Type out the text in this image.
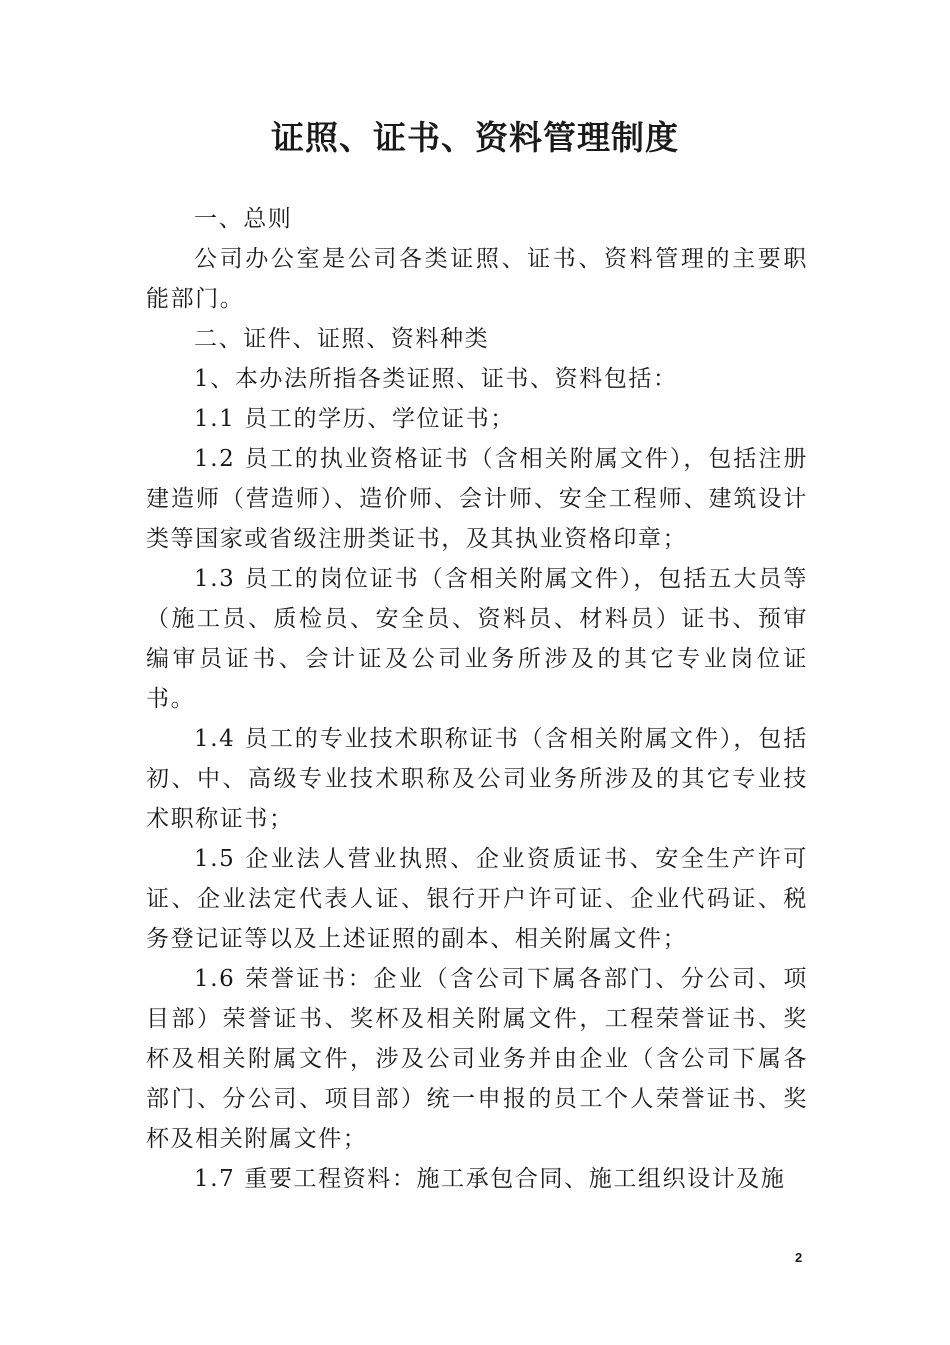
证照、证书、资料管理制度

一、总则

公司办公室是公司各类证照、证书、资料管理的主要职能部门。

二、证件、证照、资料种类

1、本办法所指各类证照、证书、资料包括：

1.1 员工的学历、学位证书；

1.2 员工的执业资格证书（含相关附属文件），包括注册建造师（营造师）、造价师、会计师、安全工程师、建筑设计类等国家或省级注册类证书，及其执业资格印章；

1.3 员工的岗位证书（含相关附属文件），包括五大员等（施工员、质检员、安全员、资料员、材料员）证书、预审编审员证书、会计证及公司业务所涉及的其它专业岗位证书。

1.4 员工的专业技术职称证书（含相关附属文件），包括初、中、高级专业技术职称及公司业务所涉及的其它专业技术职称证书；

1.5 企业法人营业执照、企业资质证书、安全生产许可证、企业法定代表人证、银行开户许可证、企业代码证、税务登记证等以及上述证照的副本、相关附属文件；

1.6 荣誉证书：企业（含公司下属各部门、分公司、项目部）荣誉证书、奖杯及相关附属文件，工程荣誉证书、奖杯及相关附属文件，涉及公司业务并由企业（含公司下属各部门、分公司、项目部）统一申报的员工个人荣誉证书、奖杯及相关附属文件；

1.7 重要工程资料：施工承包合同、施工组织设计及施

2
